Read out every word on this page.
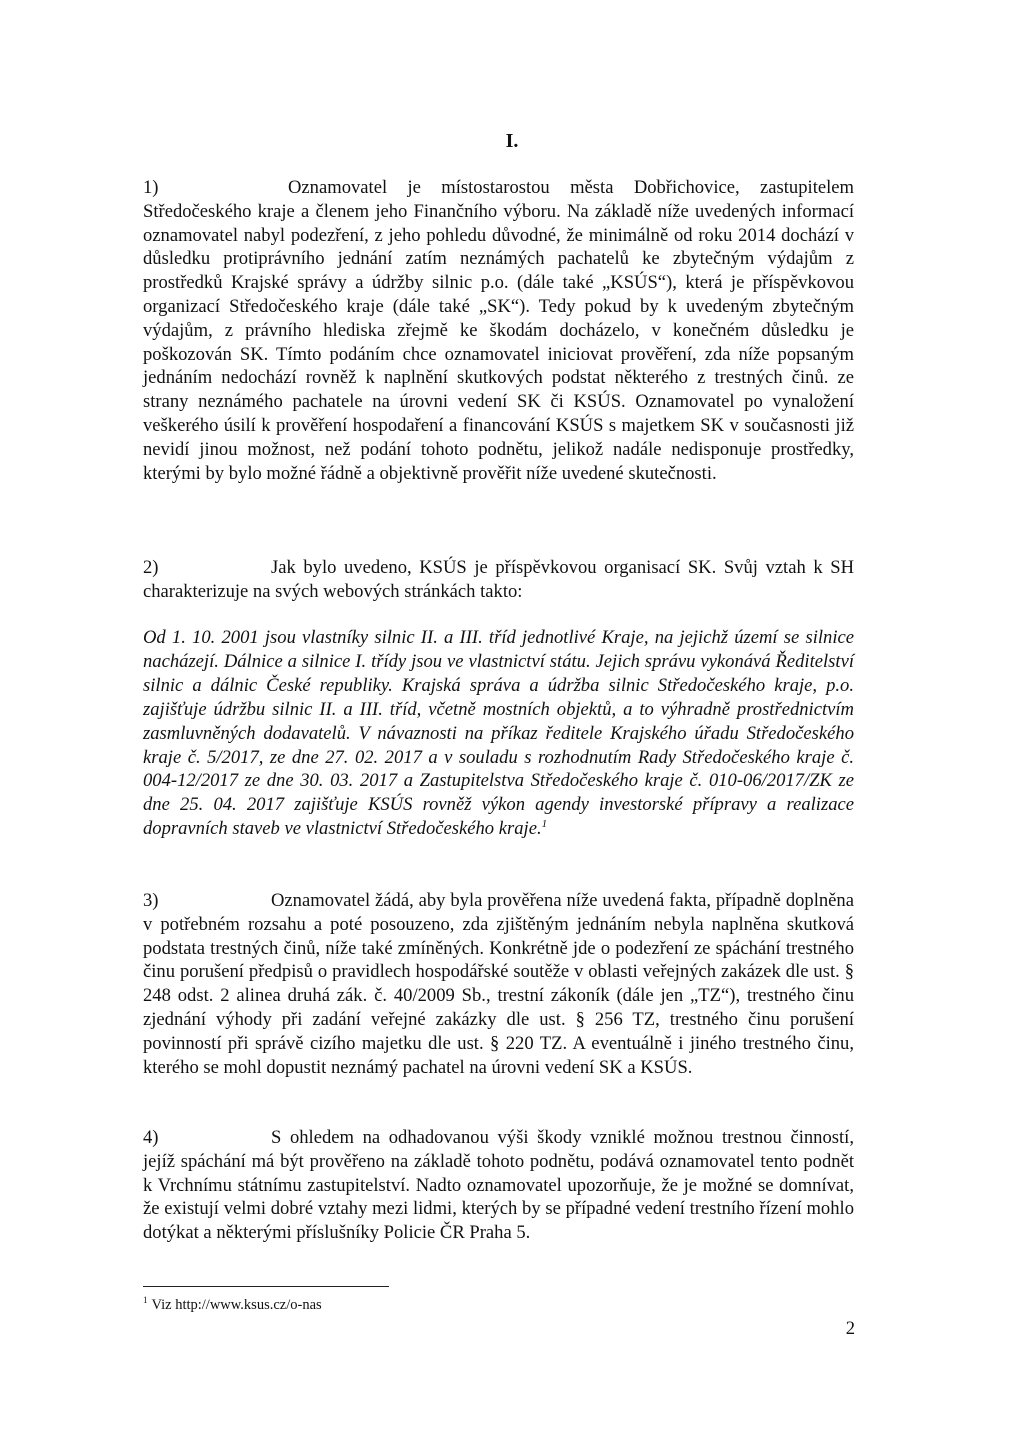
I.

1)	Oznamovatel je místostarostou města Dobřichovice, zastupitelem Středočeského kraje a členem jeho Finančního výboru. Na základě níže uvedených informací oznamovatel nabyl podezření, z jeho pohledu důvodné, že minimálně od roku 2014 dochází v důsledku protiprávního jednání zatím neznámých pachatelů ke zbytečným výdajům z prostředků Krajské správy a údržby silnic p.o. (dále také „KSÚS“), která je příspěvkovou organizací Středočeského kraje (dále také „SK“). Tedy pokud by k uvedeným zbytečným výdajům, z právního hlediska zřejmě ke škodám docházelo, v konečném důsledku je poškozován SK. Tímto podáním chce oznamovatel iniciovat prověření, zda níže popsaným jednáním nedochází rovněž k naplnění skutkových podstat některého z trestných činů. ze strany neznámého pachatele na úrovni vedení SK či KSÚS. Oznamovatel po vynaložení veškerého úsilí k prověření hospodaření a financování KSÚS s majetkem SK v současnosti již nevidí jinou možnost, než podání tohoto podnětu, jelikož nadále nedisponuje prostředky, kterými by bylo možné řádně a objektivně prověřit níže uvedené skutečnosti.

2)	Jak bylo uvedeno, KSÚS je příspěvkovou organisací SK. Svůj vztah k SH charakterizuje na svých webových stránkách takto:

Od 1. 10. 2001 jsou vlastníky silnic II. a III. tříd jednotlivé Kraje, na jejichž území se silnice nacházejí. Dálnice a silnice I. třídy jsou ve vlastnictví státu. Jejich správu vykonává Ředitelství silnic a dálnic České republiky. Krajská správa a údržba silnic Středočeského kraje, p.o. zajišťuje údržbu silnic II. a III. tříd, včetně mostních objektů, a to výhradně prostřednictvím zasmluvněných dodavatelů. V návaznosti na příkaz ředitele Krajského úřadu Středočeského kraje č. 5/2017, ze dne 27. 02. 2017 a v souladu s rozhodnutím Rady Středočeského kraje č. 004-12/2017 ze dne 30. 03. 2017 a Zastupitelstva Středočeského kraje č. 010-06/2017/ZK ze dne 25. 04. 2017 zajišťuje KSÚS rovněž výkon agendy investorské přípravy a realizace dopravních staveb ve vlastnictví Středočeského kraje.$^1$

3)	Oznamovatel žádá, aby byla prověřena níže uvedená fakta, případně doplněna v potřebném rozsahu a poté posouzeno, zda zjištěným jednáním nebyla naplněna skutková podstata trestných činů, níže také zmíněných. Konkrétně jde o podezření ze spáchání trestného činu porušení předpisů o pravidlech hospodářské soutěže v oblasti veřejných zakázek dle ust. § 248 odst. 2 alinea druhá zák. č. 40/2009 Sb., trestní zákoník (dále jen „TZ“), trestného činu zjednání výhody při zadání veřejné zakázky dle ust. § 256 TZ, trestného činu porušení povinností při správě cizího majetku dle ust. § 220 TZ. A eventuálně i jiného trestného činu, kterého se mohl dopustit neznámý pachatel na úrovni vedení SK a KSÚS.

4)	S ohledem na odhadovanou výši škody vzniklé možnou trestnou činností, jejíž spáchání má být prověřeno na základě tohoto podnětu, podává oznamovatel tento podnět k Vrchnímu státnímu zastupitelství. Nadto oznamovatel upozorňuje, že je možné se domnívat, že existují velmi dobré vztahy mezi lidmi, kterých by se případné vedení trestního řízení mohlo dotýkat a některými příslušníky Policie ČR Praha 5.

$^1$ Viz http://www.ksus.cz/o-nas
2
